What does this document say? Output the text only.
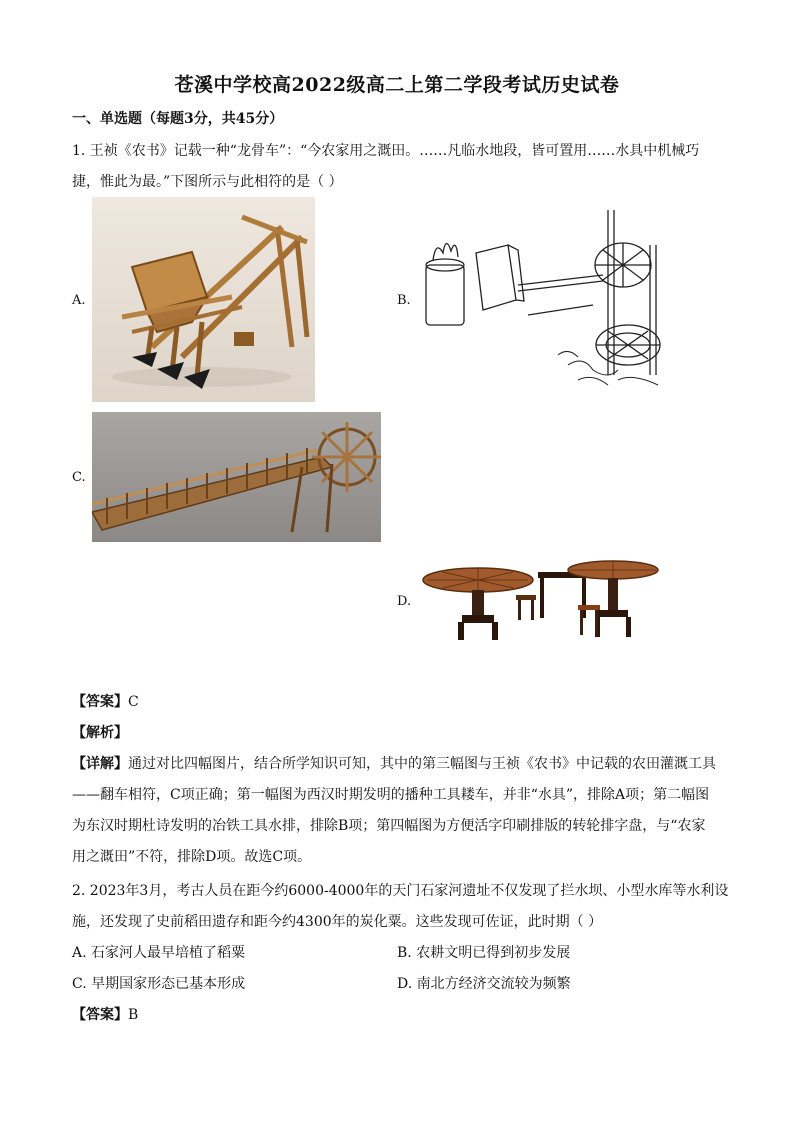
苍溪中学校高2022级高二上第二学段考试历史试卷
一、单选题（每题3分，共45分）
1. 王祯《农书》记载一种“龙骨车”：“今农家用之溉田。……凡临水地段，皆可置用……水具中机械巧
捷，惟此为最。”下图所示与此相符的是（ ）
A.	B.
C.
D.
【答案】C
【解析】
【详解】通过对比四幅图片，结合所学知识可知，其中的第三幅图与王祯《农书》中记载的农田灌溉工具
——翻车相符，C项正确；第一幅图为西汉时期发明的播种工具耧车，并非“水具”，排除A项；第二幅图
为东汉时期杜诗发明的冶铁工具水排，排除B项；第四幅图为方便活字印刷排版的转轮排字盘，与“农家
用之溉田”不符，排除D项。故选C项。
2. 2023年3月，考古人员在距今约6000-4000年的天门石家河遗址不仅发现了拦水坝、小型水库等水利设
施，还发现了史前稻田遗存和距今约4300年的炭化粟。这些发现可佐证，此时期（ ）
A. 石家河人最早培植了稻粟	B. 农耕文明已得到初步发展
C. 早期国家形态已基本形成	D. 南北方经济交流较为频繁
【答案】B
